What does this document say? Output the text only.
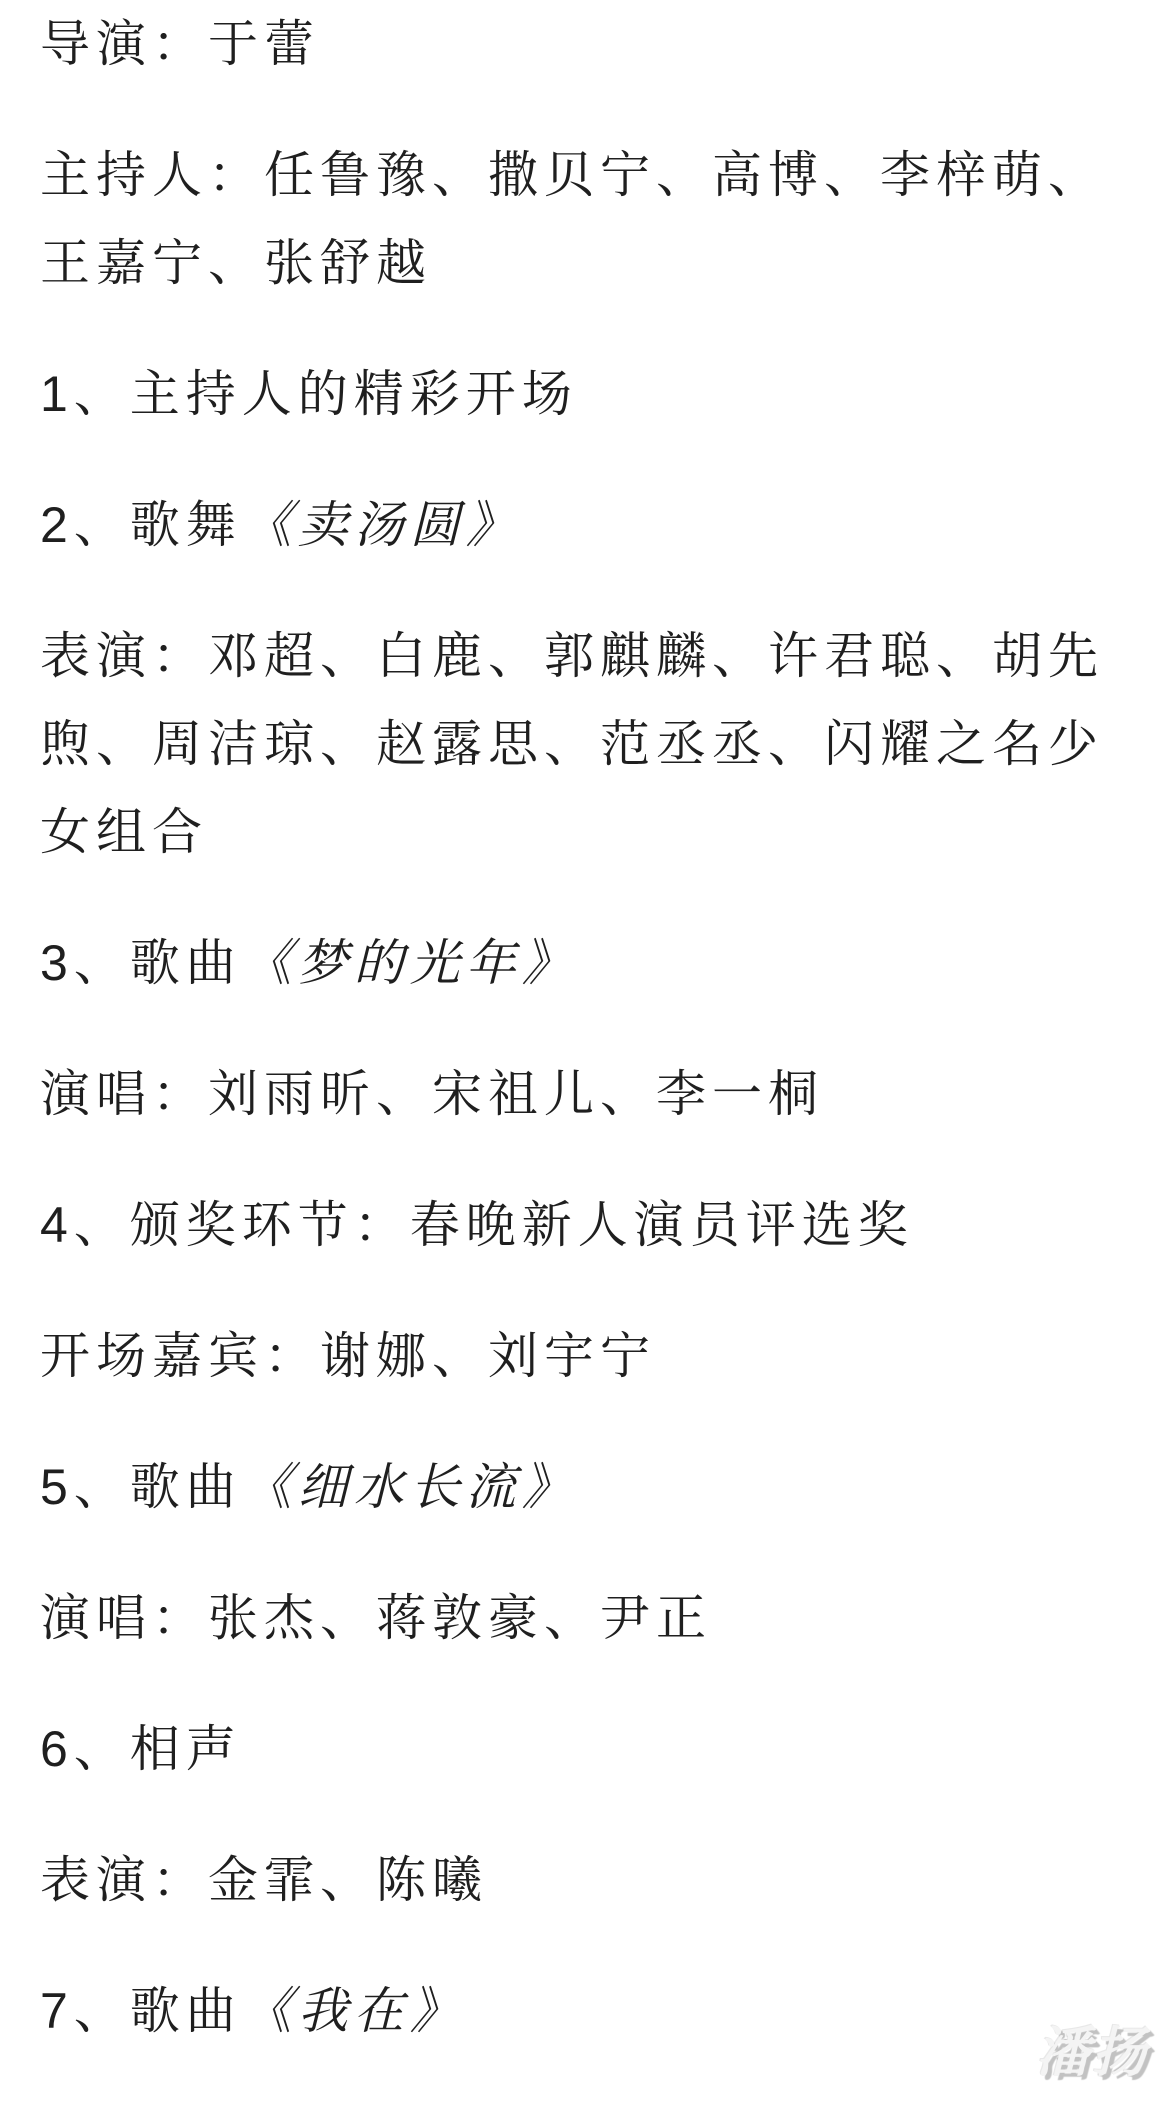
导演：于蕾
主持人：任鲁豫、撒贝宁、高博、李梓萌、
王嘉宁、张舒越
1、主持人的精彩开场
2、歌舞《卖汤圆》
表演：邓超、白鹿、郭麒麟、许君聪、胡先
煦、周洁琼、赵露思、范丞丞、闪耀之名少
女组合
3、歌曲《梦的光年》
演唱：刘雨昕、宋祖儿、李一桐
4、颁奖环节：春晚新人演员评选奖
开场嘉宾：谢娜、刘宇宁
5、歌曲《细水长流》
演唱：张杰、蒋敦豪、尹正
6、相声
表演：金霏、陈曦
7、歌曲《我在》
潘扬
